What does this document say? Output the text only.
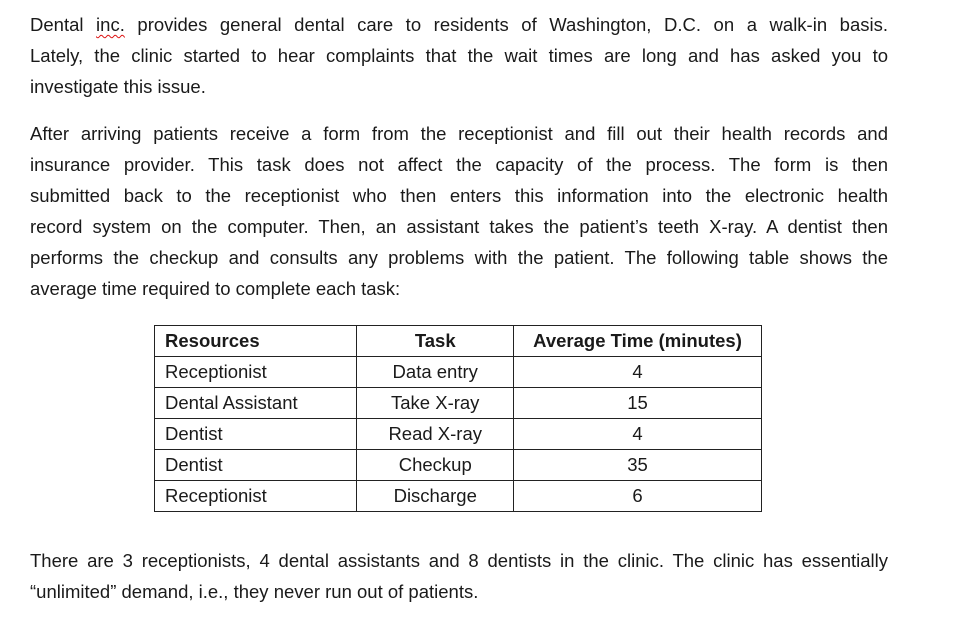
Dental inc. provides general dental care to residents of Washington, D.C. on a walk-in basis.
Lately, the clinic started to hear complaints that the wait times are long and has asked you to
investigate this issue.
After arriving patients receive a form from the receptionist and fill out their health records and
insurance provider. This task does not affect the capacity of the process. The form is then
submitted back to the receptionist who then enters this information into the electronic health
record system on the computer. Then, an assistant takes the patient’s teeth X-ray. A dentist then
performs the checkup and consults any problems with the patient. The following table shows the
average time required to complete each task:
Resources	Task	Average Time (minutes)
Receptionist	Data entry	4
Dental Assistant	Take X-ray	15
Dentist	Read X-ray	4
Dentist	Checkup	35
Receptionist	Discharge	6
There are 3 receptionists, 4 dental assistants and 8 dentists in the clinic. The clinic has essentially
“unlimited” demand, i.e., they never run out of patients.
